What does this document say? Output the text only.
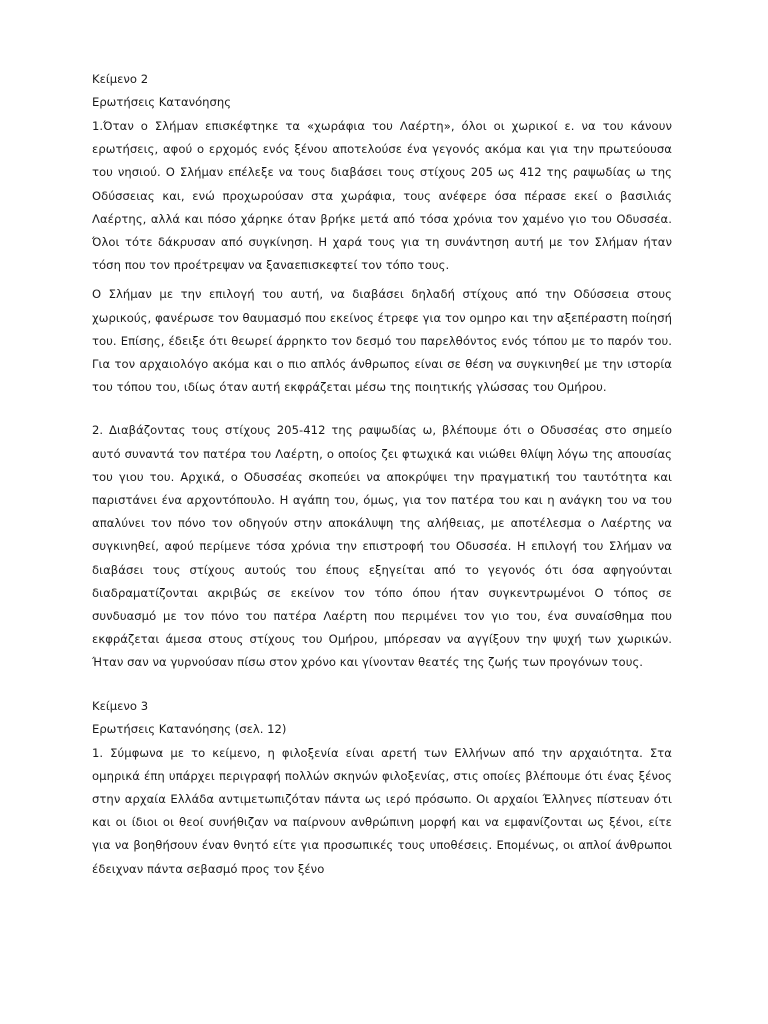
Κείμενο 2
Ερωτήσεις Κατανόησης

1.Όταν ο Σλήμαν επισκέφτηκε τα «χωράφια του Λαέρτη», όλοι οι χωρικοί ε. να του κάνουν ερωτήσεις, αφού ο ερχομός ενός ξένου αποτελούσε ένα γεγονός ακόμα και για την πρωτεύουσα του νησιού. Ο Σλήμαν επέλεξε να τους διαβάσει τους στίχους 205 ως 412 της ραψωδίας ω της Οδύσσειας και, ενώ προχωρούσαν στα χωράφια, τους ανέφερε όσα πέρασε εκεί ο βασιλιάς Λαέρτης, αλλά και πόσο χάρηκε όταν βρήκε μετά από τόσα χρόνια τον χαμένο γιο του Οδυσσέα. Όλοι τότε δάκρυσαν από συγκίνηση. Η χαρά τους για τη συνάντηση αυτή με τον Σλήμαν ήταν τόση που τον προέτρεψαν να ξαναεπισκεφτεί τον τόπο τους.

Ο Σλήμαν με την επιλογή του αυτή, να διαβάσει δηλαδή στίχους από την Οδύσσεια στους χωρικούς, φανέρωσε τον θαυμασμό που εκείνος έτρεφε για τον ομηρο και την αξεπέραστη ποίησή του. Επίσης, έδειξε ότι θεωρεί άρρηκτο τον δεσμό του παρελθόντος ενός τόπου με το παρόν του. Για τον αρχαιολόγο ακόμα και ο πιο απλός άνθρωπος είναι σε θέση να συγκινηθεί με την ιστορία του τόπου του, ιδίως όταν αυτή εκφράζεται μέσω της ποιητικής γλώσσας του Ομήρου.

2. Διαβάζοντας τους στίχους 205-412 της ραψωδίας ω, βλέπουμε ότι ο Οδυσσέας στο σημείο αυτό συναντά τον πατέρα του Λαέρτη, ο οποίος ζει φτωχικά και νιώθει θλίψη λόγω της απουσίας του γιου του. Αρχικά, ο Οδυσσέας σκοπεύει να αποκρύψει την πραγματική του ταυτότητα και παριστάνει ένα αρχοντόπουλο. Η αγάπη του, όμως, για τον πατέρα του και η ανάγκη του να του απαλύνει τον πόνο τον οδηγούν στην αποκάλυψη της αλήθειας, με αποτέλεσμα ο Λαέρτης να συγκινηθεί, αφού περίμενε τόσα χρόνια την επιστροφή του Οδυσσέα. Η επιλογή του Σλήμαν να διαβάσει τους στίχους αυτούς του έπους εξηγείται από το γεγονός ότι όσα αφηγούνται διαδραματίζονται ακριβώς σε εκείνον τον τόπο όπου ήταν συγκεντρωμένοι Ο τόπος σε συνδυασμό με τον πόνο του πατέρα Λαέρτη που περιμένει τον γιο του, ένα συναίσθημα που εκφράζεται άμεσα στους στίχους του Ομήρου, μπόρεσαν να αγγίξουν την ψυχή των χωρικών. Ήταν σαν να γυρνούσαν πίσω στον χρόνο και γίνονταν θεατές της ζωής των προγόνων τους.

Κείμενο 3
Ερωτήσεις Κατανόησης (σελ. 12)

1. Σύμφωνα με το κείμενο, η φιλοξενία είναι αρετή των Ελλήνων από την αρχαιότητα. Στα ομηρικά έπη υπάρχει περιγραφή πολλών σκηνών φιλοξενίας, στις οποίες βλέπουμε ότι ένας ξένος στην αρχαία Ελλάδα αντιμετωπιζόταν πάντα ως ιερό πρόσωπο. Οι αρχαίοι Έλληνες πίστευαν ότι και οι ίδιοι οι θεοί συνήθιζαν να παίρνουν ανθρώπινη μορφή και να εμφανίζονται ως ξένοι, είτε για να βοηθήσουν έναν θνητό είτε για προσωπικές τους υποθέσεις. Επομένως, οι απλοί άνθρωποι έδειχναν πάντα σεβασμό προς τον ξένο
